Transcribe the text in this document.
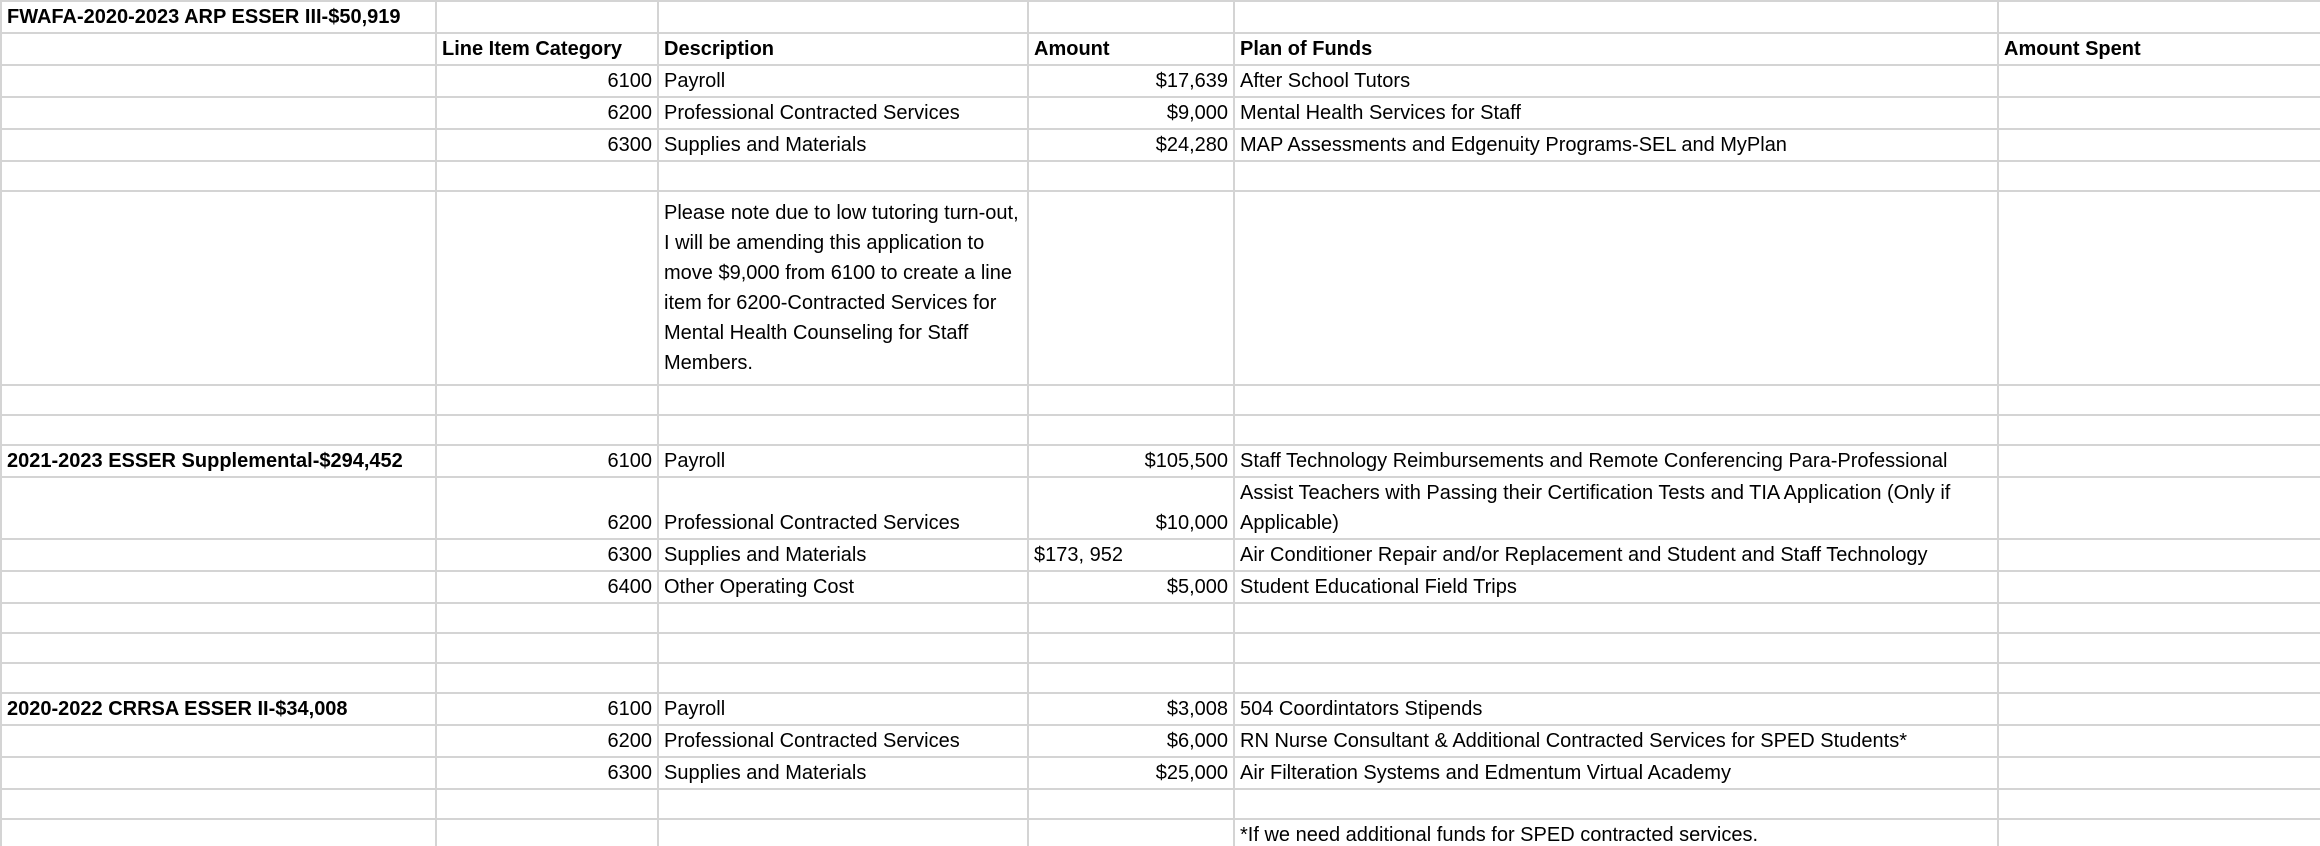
FWAFA-2020-2023 ARP ESSER III-$50,919					
	Line Item Category	Description	Amount	Plan of Funds	Amount Spent
	6100	Payroll	$17,639	After School Tutors	
	6200	Professional Contracted Services	$9,000	Mental Health Services for Staff	
	6300	Supplies and Materials	$24,280	MAP Assessments and Edgenuity Programs-SEL and MyPlan	

		Please note due to low tutoring turn-out, I will be amending this application to move $9,000 from 6100 to create a line item for 6200-Contracted Services for Mental Health Counseling for Staff Members.			

2021-2023 ESSER Supplemental-$294,452	6100	Payroll	$105,500	Staff Technology Reimbursements and Remote Conferencing Para-Professional	
	6200	Professional Contracted Services	$10,000	Assist Teachers with Passing their Certification Tests and TIA Application (Only if Applicable)	
	6300	Supplies and Materials	$173, 952	Air Conditioner Repair and/or Replacement and Student and Staff Technology	
	6400	Other Operating Cost	$5,000	Student Educational Field Trips	

2020-2022 CRRSA ESSER II-$34,008	6100	Payroll	$3,008	504 Coordintators Stipends	
	6200	Professional Contracted Services	$6,000	RN Nurse Consultant & Additional Contracted Services for SPED Students*	
	6300	Supplies and Materials	$25,000	Air Filteration Systems and Edmentum Virtual Academy	

				*If we need additional funds for SPED contracted services.	
